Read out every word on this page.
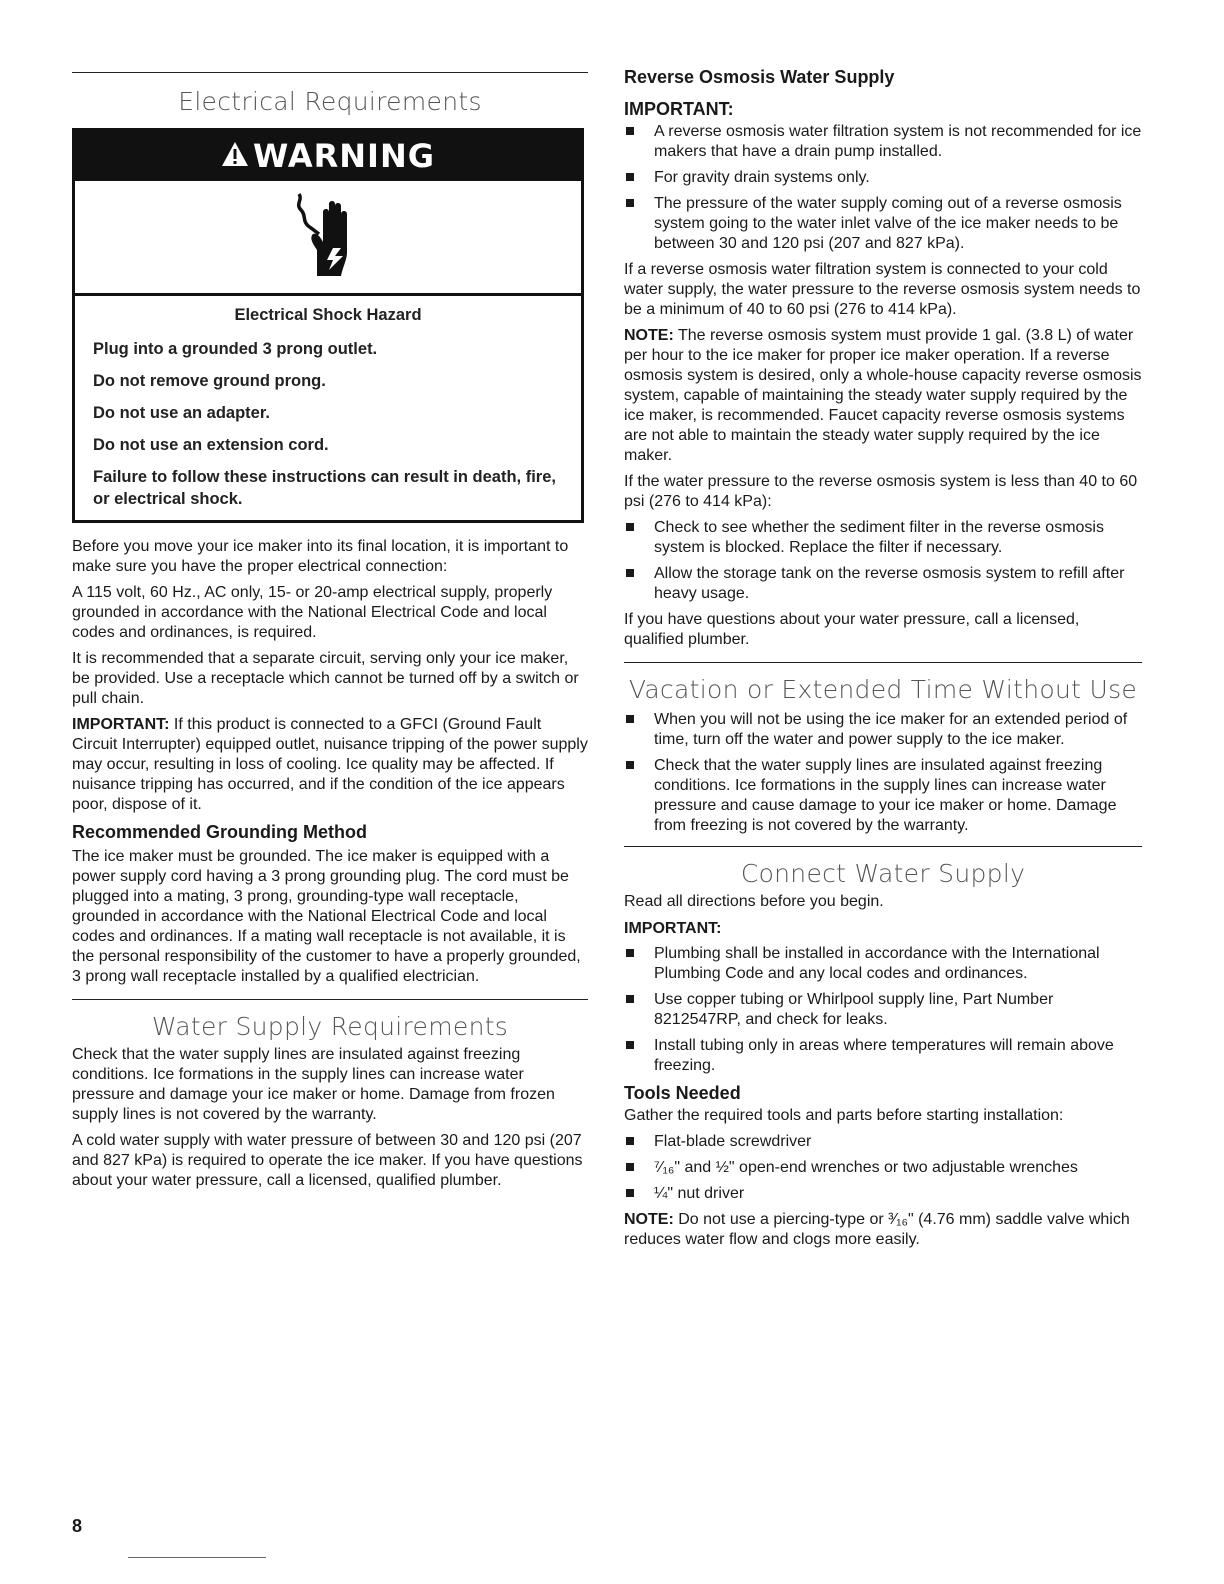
Electrical Requirements
WARNING

Electrical Shock Hazard

Plug into a grounded 3 prong outlet.

Do not remove ground prong.

Do not use an adapter.

Do not use an extension cord.

Failure to follow these instructions can result in death, fire, or electrical shock.

Before you move your ice maker into its final location, it is important to make sure you have the proper electrical connection:

A 115 volt, 60 Hz., AC only, 15- or 20-amp electrical supply, properly grounded in accordance with the National Electrical Code and local codes and ordinances, is required.

It is recommended that a separate circuit, serving only your ice maker, be provided. Use a receptacle which cannot be turned off by a switch or pull chain.

IMPORTANT: If this product is connected to a GFCI (Ground Fault Circuit Interrupter) equipped outlet, nuisance tripping of the power supply may occur, resulting in loss of cooling. Ice quality may be affected. If nuisance tripping has occurred, and if the condition of the ice appears poor, dispose of it.

Recommended Grounding Method

The ice maker must be grounded. The ice maker is equipped with a power supply cord having a 3 prong grounding plug. The cord must be plugged into a mating, 3 prong, grounding-type wall receptacle, grounded in accordance with the National Electrical Code and local codes and ordinances. If a mating wall receptacle is not available, it is the personal responsibility of the customer to have a properly grounded, 3 prong wall receptacle installed by a qualified electrician.

Water Supply Requirements

Check that the water supply lines are insulated against freezing conditions. Ice formations in the supply lines can increase water pressure and damage your ice maker or home. Damage from frozen supply lines is not covered by the warranty.

A cold water supply with water pressure of between 30 and 120 psi (207 and 827 kPa) is required to operate the ice maker. If you have questions about your water pressure, call a licensed, qualified plumber.

Reverse Osmosis Water Supply

IMPORTANT:

A reverse osmosis water filtration system is not recommended for ice makers that have a drain pump installed.
For gravity drain systems only.
The pressure of the water supply coming out of a reverse osmosis system going to the water inlet valve of the ice maker needs to be between 30 and 120 psi (207 and 827 kPa).

If a reverse osmosis water filtration system is connected to your cold water supply, the water pressure to the reverse osmosis system needs to be a minimum of 40 to 60 psi (276 to 414 kPa).

NOTE: The reverse osmosis system must provide 1 gal. (3.8 L) of water per hour to the ice maker for proper ice maker operation. If a reverse osmosis system is desired, only a whole-house capacity reverse osmosis system, capable of maintaining the steady water supply required by the ice maker, is recommended. Faucet capacity reverse osmosis systems are not able to maintain the steady water supply required by the ice maker.

If the water pressure to the reverse osmosis system is less than 40 to 60 psi (276 to 414 kPa):

Check to see whether the sediment filter in the reverse osmosis system is blocked. Replace the filter if necessary.
Allow the storage tank on the reverse osmosis system to refill after heavy usage.

If you have questions about your water pressure, call a licensed, qualified plumber.

Vacation or Extended Time Without Use
When you will not be using the ice maker for an extended period of time, turn off the water and power supply to the ice maker.
Check that the water supply lines are insulated against freezing conditions. Ice formations in the supply lines can increase water pressure and cause damage to your ice maker or home. Damage from freezing is not covered by the warranty.
Connect Water Supply

Read all directions before you begin.

IMPORTANT:

Plumbing shall be installed in accordance with the International Plumbing Code and any local codes and ordinances.
Use copper tubing or Whirlpool supply line, Part Number 8212547RP, and check for leaks.
Install tubing only in areas where temperatures will remain above freezing.

Tools Needed

Gather the required tools and parts before starting installation:

Flat-blade screwdriver
⁷⁄₁₆" and ½" open-end wrenches or two adjustable wrenches
¼" nut driver

NOTE: Do not use a piercing-type or ³⁄₁₆" (4.76 mm) saddle valve which reduces water flow and clogs more easily.

8
